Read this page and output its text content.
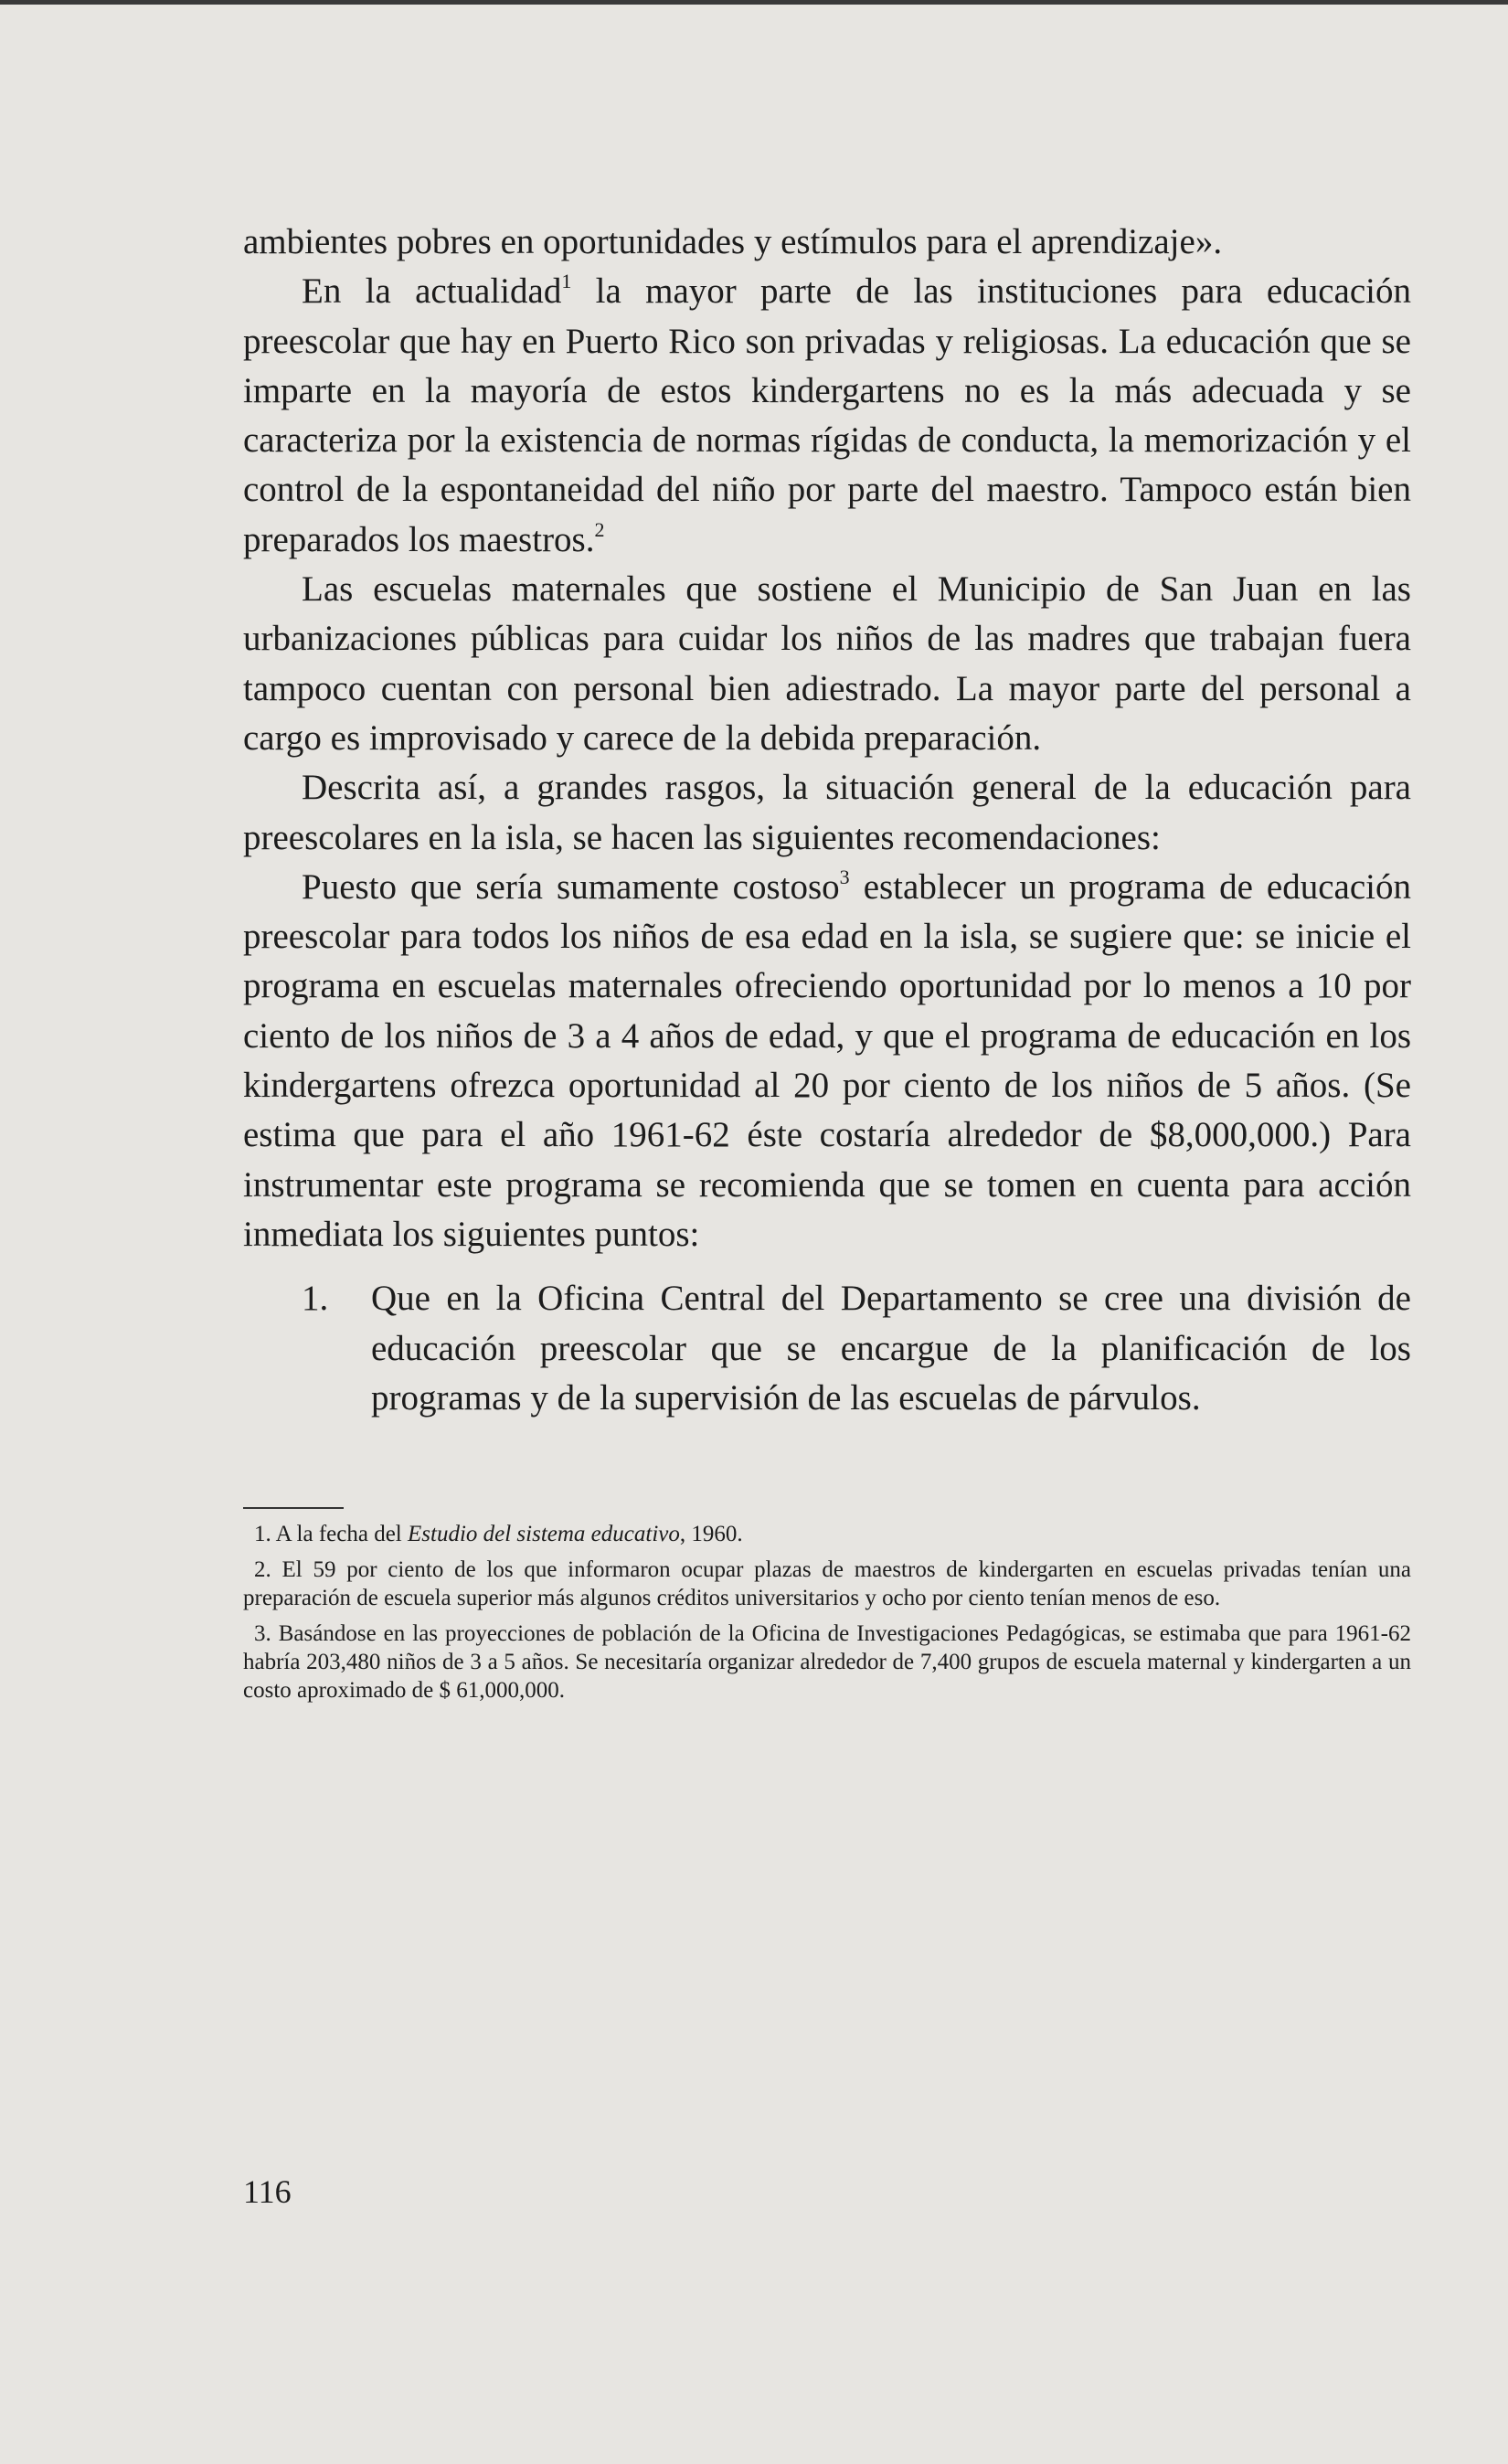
ambientes pobres en oportunidades y estímulos para el aprendizaje».

En la actualidad$^1$ la mayor parte de las instituciones para educación preescolar que hay en Puerto Rico son privadas y religiosas. La educación que se imparte en la mayoría de estos kindergartens no es la más adecuada y se caracteriza por la existencia de normas rígidas de conducta, la memorización y el control de la espontaneidad del niño por parte del maestro. Tampoco están bien preparados los maestros.$^2$

Las escuelas maternales que sostiene el Municipio de San Juan en las urbanizaciones públicas para cuidar los niños de las madres que trabajan fuera tampoco cuentan con personal bien adiestrado. La mayor parte del personal a cargo es improvisado y carece de la debida preparación.

Descrita así, a grandes rasgos, la situación general de la educación para preescolares en la isla, se hacen las siguientes recomendaciones:

Puesto que sería sumamente costoso$^3$ establecer un programa de educación preescolar para todos los niños de esa edad en la isla, se sugiere que: se inicie el programa en escuelas maternales ofreciendo oportunidad por lo menos a 10 por ciento de los niños de 3 a 4 años de edad, y que el programa de educación en los kindergartens ofrezca oportunidad al 20 por ciento de los niños de 5 años. (Se estima que para el año 1961-62 éste costaría alrededor de $8,000,000.) Para instrumentar este programa se recomienda que se tomen en cuenta para acción inmediata los siguientes puntos:

1.	Que en la Oficina Central del Departamento se cree una división de educación preescolar que se encargue de la planificación de los programas y de la supervisión de las escuelas de párvulos.

1. A la fecha del Estudio del sistema educativo, 1960.

2. El 59 por ciento de los que informaron ocupar plazas de maestros de kindergarten en escuelas privadas tenían una preparación de escuela superior más algunos créditos universitarios y ocho por ciento tenían menos de eso.

3. Basándose en las proyecciones de población de la Oficina de Investigaciones Pedagógicas, se estimaba que para 1961-62 habría 203,480 niños de 3 a 5 años. Se necesitaría organizar alrededor de 7,400 grupos de escuela maternal y kindergarten a un costo aproximado de $ 61,000,000.

116
